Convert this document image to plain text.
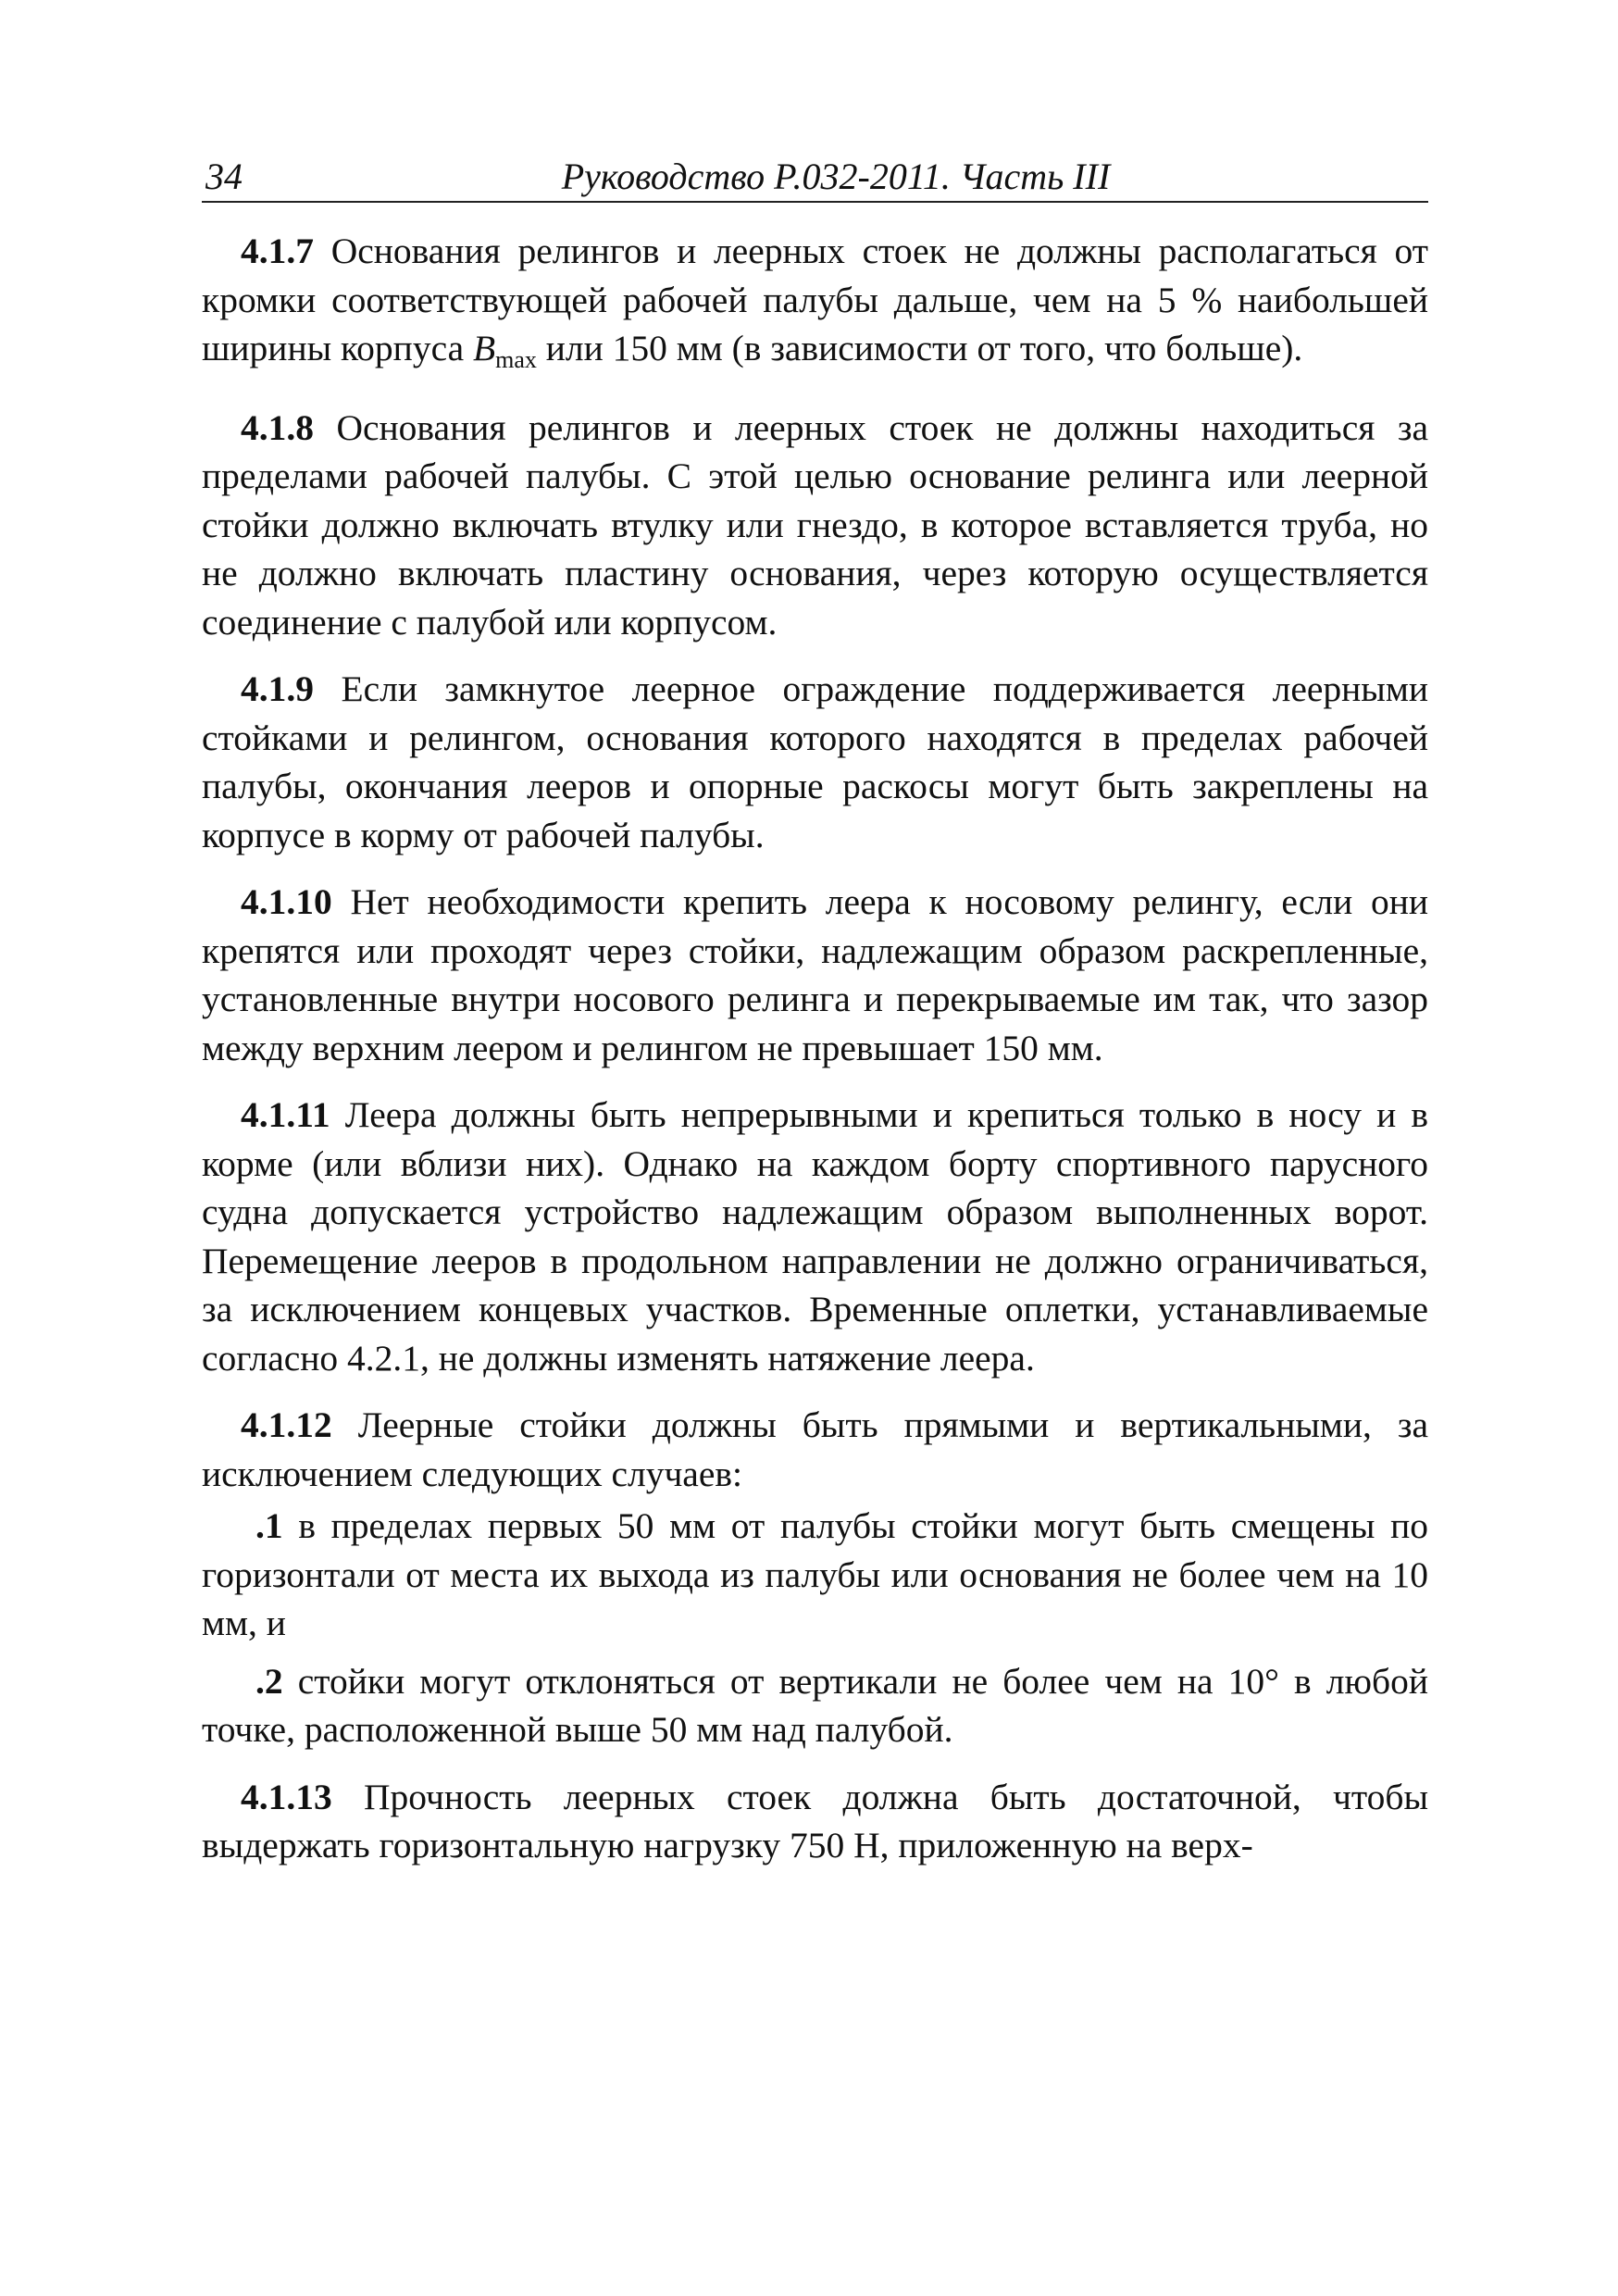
34	Руководство Р.032-2011. Часть III

4.1.7 Основания релингов и леерных стоек не должны располагаться от кромки соответствующей рабочей палубы дальше, чем на 5 % наибольшей ширины корпуса $B_{max}$ или 150 мм (в зависимости от того, что больше).

4.1.8 Основания релингов и леерных стоек не должны находиться за пределами рабочей палубы. С этой целью основание релинга или леерной стойки должно включать втулку или гнездо, в которое вставляется труба, но не должно включать пластину основания, через которую осуществляется соединение с палубой или корпусом.

4.1.9 Если замкнутое леерное ограждение поддерживается леерными стойками и релингом, основания которого находятся в пределах рабочей палубы, окончания лееров и опорные раскосы могут быть закреплены на корпусе в корму от рабочей палубы.

4.1.10 Нет необходимости крепить леера к носовому релингу, если они крепятся или проходят через стойки, надлежащим образом раскрепленные, установленные внутри носового релинга и перекрываемые им так, что зазор между верхним леером и релингом не превышает 150 мм.

4.1.11 Леера должны быть непрерывными и крепиться только в носу и в корме (или вблизи них). Однако на каждом борту спортивного парусного судна допускается устройство надлежащим образом выполненных ворот. Перемещение лееров в продольном направлении не должно ограничиваться, за исключением концевых участков. Временные оплетки, устанавливаемые согласно 4.2.1, не должны изменять натяжение леера.

4.1.12 Леерные стойки должны быть прямыми и вертикальными, за исключением следующих случаев:

.1 в пределах первых 50 мм от палубы стойки могут быть смещены по горизонтали от места их выхода из палубы или основания не более чем на 10 мм, и

.2 стойки могут отклоняться от вертикали не более чем на 10° в любой точке, расположенной выше 50 мм над палубой.

4.1.13 Прочность леерных стоек должна быть достаточной, чтобы выдержать горизонтальную нагрузку 750 Н, приложенную на верх-
